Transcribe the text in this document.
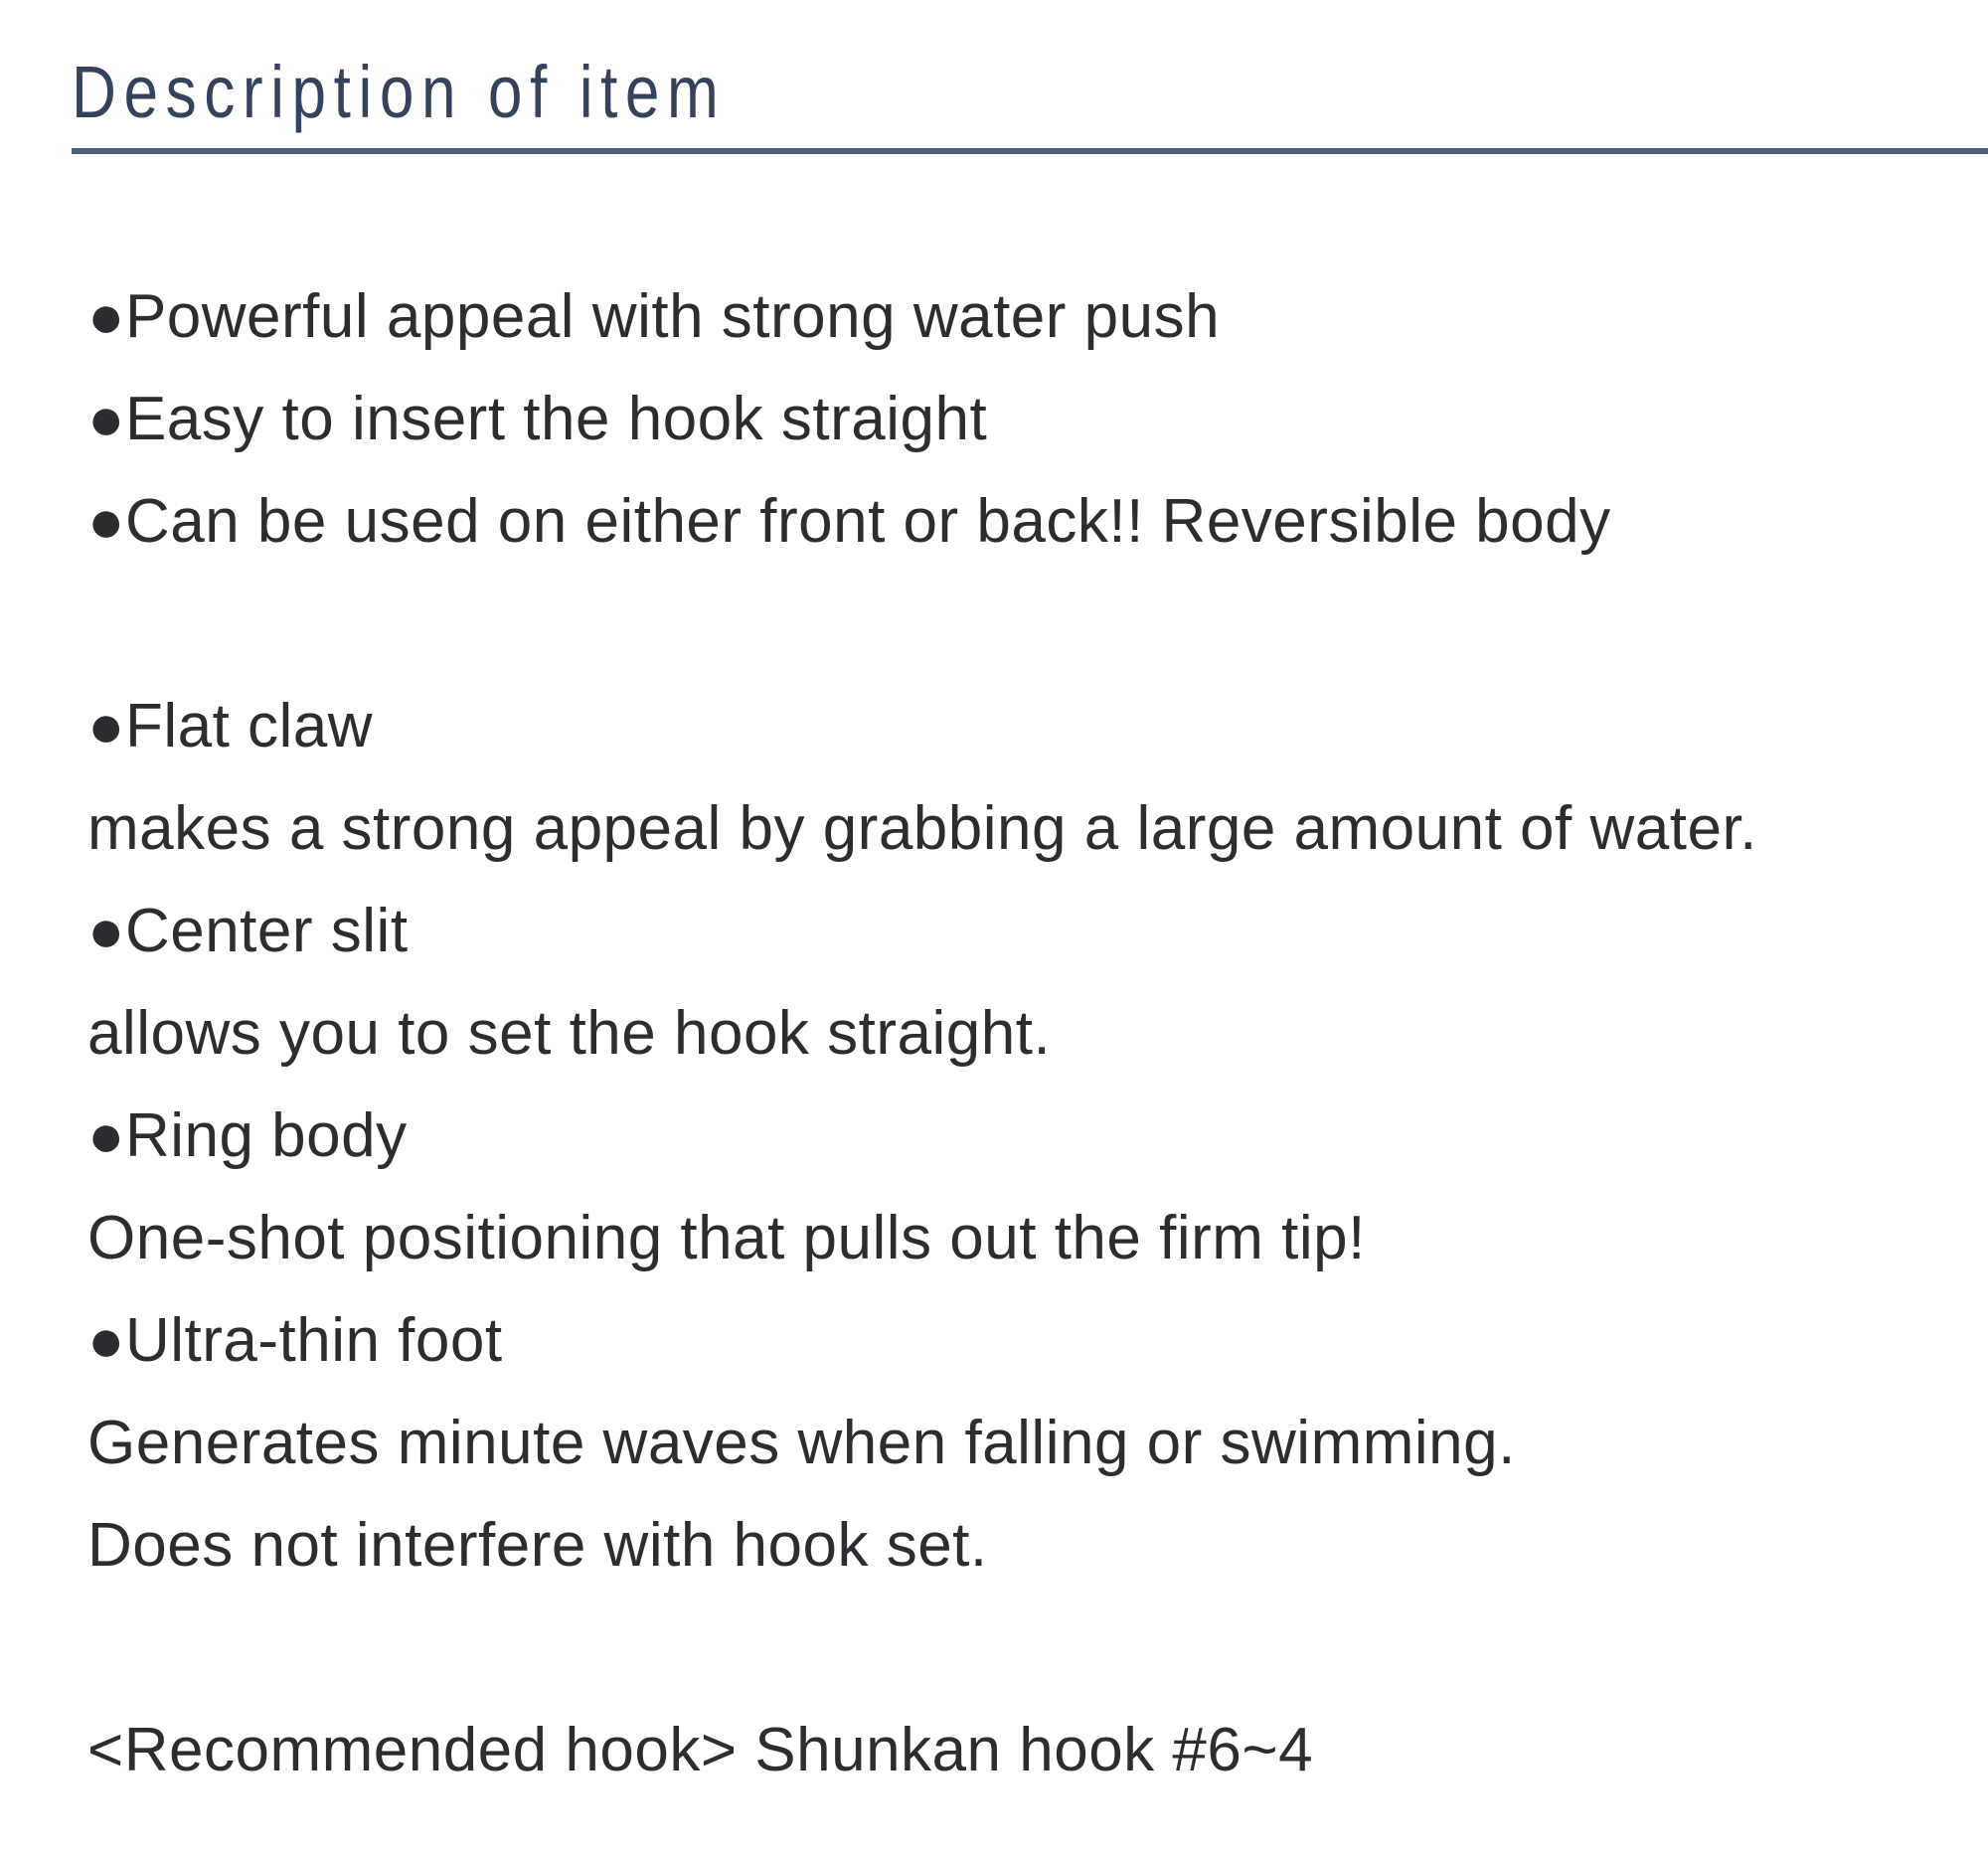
Description of item
●Powerful appeal with strong water push
●Easy to insert the hook straight
●Can be used on either front or back!! Reversible body
●Flat claw
makes a strong appeal by grabbing a large amount of water.
●Center slit
allows you to set the hook straight.
●Ring body
One-shot positioning that pulls out the firm tip!
●Ultra-thin foot
Generates minute waves when falling or swimming.
Does not interfere with hook set.
<Recommended hook> Shunkan hook #6~4
